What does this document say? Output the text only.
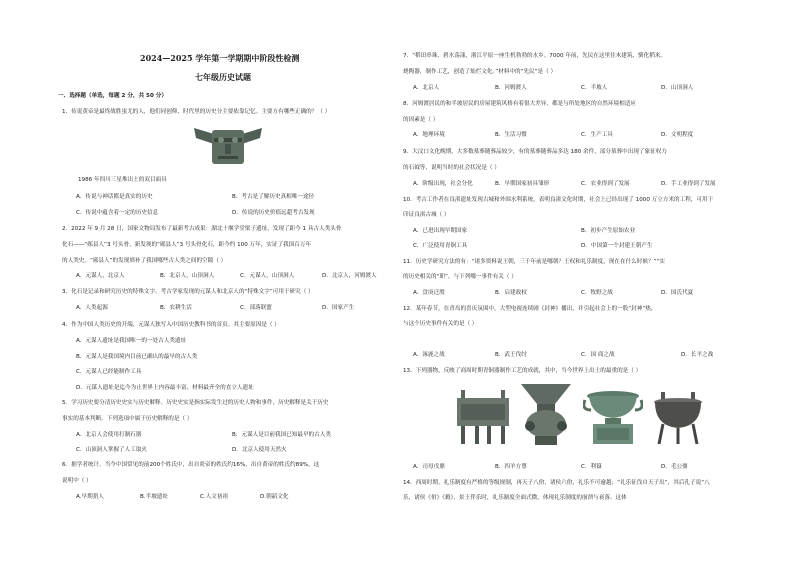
2024—2025 学年第一学期期中阶段性检测
七年级历史试题
一、选择题（单选，每题 2 分，共 50 分）
1．传说黄帝是最终战胜蚩尤的人，他们同创仰、时代里的历史分主要依靠记忆。主要方有哪些正确的？（ ）
1986 年四川三星堆出土的双目面具
A．传说与神话都是真实的历史	B．考古是了解历史真相唯一途径
C．传说中蕴含着一定的历史信息	D．传说的历史价值远超考古发现
2．2022 年 9 月 28 日，国家文物局发布了最新考古成果：湖北十堰学堂梁子遗址，发现了距今 1 具古人类头骨
化石——“郧县人”3 号头骨。新发现的“郧县人”3 号头骨化石，距今约 100 万年，实证了我国百万年
的人类史。“郧县人”的发现填补了我国哪些古人类之间的空隙（ ）
A．元谋人，北京人	B．北京人，山顶洞人	C．元谋人，山顶洞人	D．北京人，河姆渡人
3．化石是记录和研究历史的特殊文字。考古学家发现的元谋人和北京人的“特殊文字”可用于研究（ ）
A．人类起源	B．农耕生活	C．部落联盟	D．国家产生
4．作为中国人类历史的开端，元谋人独写入中国历史教科书的首页。其主要原因是（ ）
A．元谋人遗址是我国唯一的一处古人类遗址
B．元谋人是我国境内目前已确认的最早的古人类
C．元谋人已经能制作工具
D．元谋人遗址是迄今为止世界上内容最丰富、材料最齐全的直立人遗址
5．学习历史要分清历史史实与历史解释。历史史实是指实际发生过的历史人物和事件，历史解释是关于历史
事实的基本判断，下列选项中属于历史解释的是（ ）
A．北京人会使用打制石器	B．元谋人是目前我国已知最早的古人类
C．山顶洞人掌握了人工取火	D．北京人使用天然火
6．据学者统计，当今中国常见的前200个姓氏中，出自炎帝的姓氏约16%，出自黄帝的姓氏约89%。这
说明中（ ）
A.早期猎人	B.半坡遗址	C.人文初祖	D.朝韶文化
7．“稻田串珠，碧水荡漾，浙江平原一座生机勃勃的水乡。7000 年前，先民在这里住木建筑、驯化稻米。
烧陶器，制作工艺，创造了灿烂文化。”材料中的“先民”是（ ）
A．北京人	B．河姆渡人	C．半坡人	D．山顶洞人
8．河姆渡居民的和半坡居民的房屋建筑风格有着很大差异，都是与所处地区的自然环境相适应
的因素是（ ）
A．地理环境	B．生活习惯	C．生产工具	D．文明程度
9．大汶口文化晚期，大多数墓葬随葬品较少，有的墓葬随葬品多达 180 余件，部分墓葬中出现了象征权力
的石钺等，说明当时的社会状况是（ ）
A．阶级出现，社会分化	B．早期国家初具雏形	C．农业得到了发展	D．手工业得到了发展
10．考古工作者在良渚遗址发现古城和外围水利系统，表明良渚文化时期，社会上已经出现了 1000 万立方米的工程，可用于
印证良渚古城（ ）
A．已进出现早期国家	B．初步产生原始农业
C．广泛使用青铜工具	D．中国第一个封建王朝产生
11．历史学研究方法的有：“诸多资料说王朝，三千年前是哪朝？王权和礼乐制度，现在在什么时候？”“实
的历史相关的“职”，与下列哪一事件有关（ ）
A．盘庚迁殷	B．启建政权	C．牧野之战	D．国氏代夏
12．某年春节，在青岛的喜庆氛围中，大型电视连续剧《封神》播出，并引起社会上的一股“封神”热，
与这个历史事件有关的是（ ）
A．涿鹿之战	B．武王伐纣	C．国 商之战	D．长平之战
13．下列器物，反映了商周时期青铜器制作工艺的成就，其中，当今世界上出土的最重的是（ ）
A．司母戊鼎	B．四羊方尊	C．利簋	D．毛公鼎
14．西周时期，礼乐制度有严格的等级规制，再天子八佾，诸侯六佾，礼乐不可逾越；“礼乐征伐自天子出”，其后孔子说“八
乐，诸侯《佾》《穀》，景王伴乐时，礼乐制度全面式微，体现礼乐制度的崩溃与衰落。这体
